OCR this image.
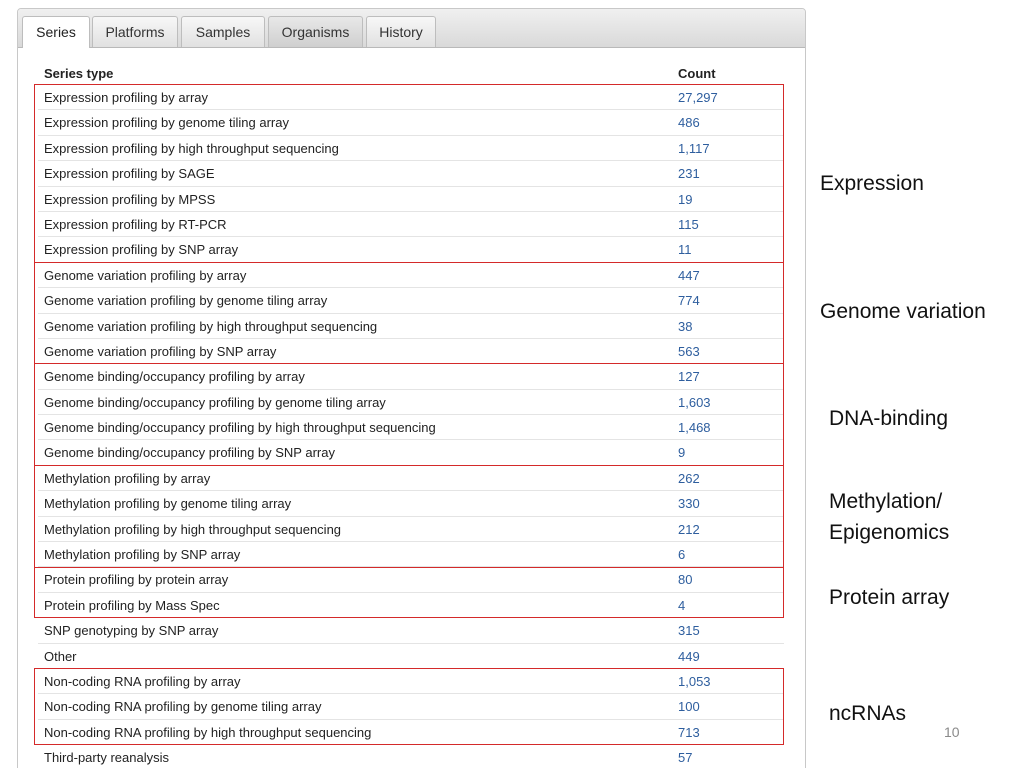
Series	Platforms	Samples	Organisms	History
Series type	Count
Expression profiling by array	27,297
Expression profiling by genome tiling array	486
Expression profiling by high throughput sequencing	1,117
Expression profiling by SAGE	231
Expression profiling by MPSS	19
Expression profiling by RT-PCR	115
Expression profiling by SNP array	11
Genome variation profiling by array	447
Genome variation profiling by genome tiling array	774
Genome variation profiling by high throughput sequencing	38
Genome variation profiling by SNP array	563
Genome binding/occupancy profiling by array	127
Genome binding/occupancy profiling by genome tiling array	1,603
Genome binding/occupancy profiling by high throughput sequencing	1,468
Genome binding/occupancy profiling by SNP array	9
Methylation profiling by array	262
Methylation profiling by genome tiling array	330
Methylation profiling by high throughput sequencing	212
Methylation profiling by SNP array	6
Protein profiling by protein array	80
Protein profiling by Mass Spec	4
SNP genotyping by SNP array	315
Other	449
Non-coding RNA profiling by array	1,053
Non-coding RNA profiling by genome tiling array	100
Non-coding RNA profiling by high throughput sequencing	713
Third-party reanalysis	57
Expression
Genome variation
DNA-binding
Methylation/
Epigenomics
Protein array
ncRNAs
10
